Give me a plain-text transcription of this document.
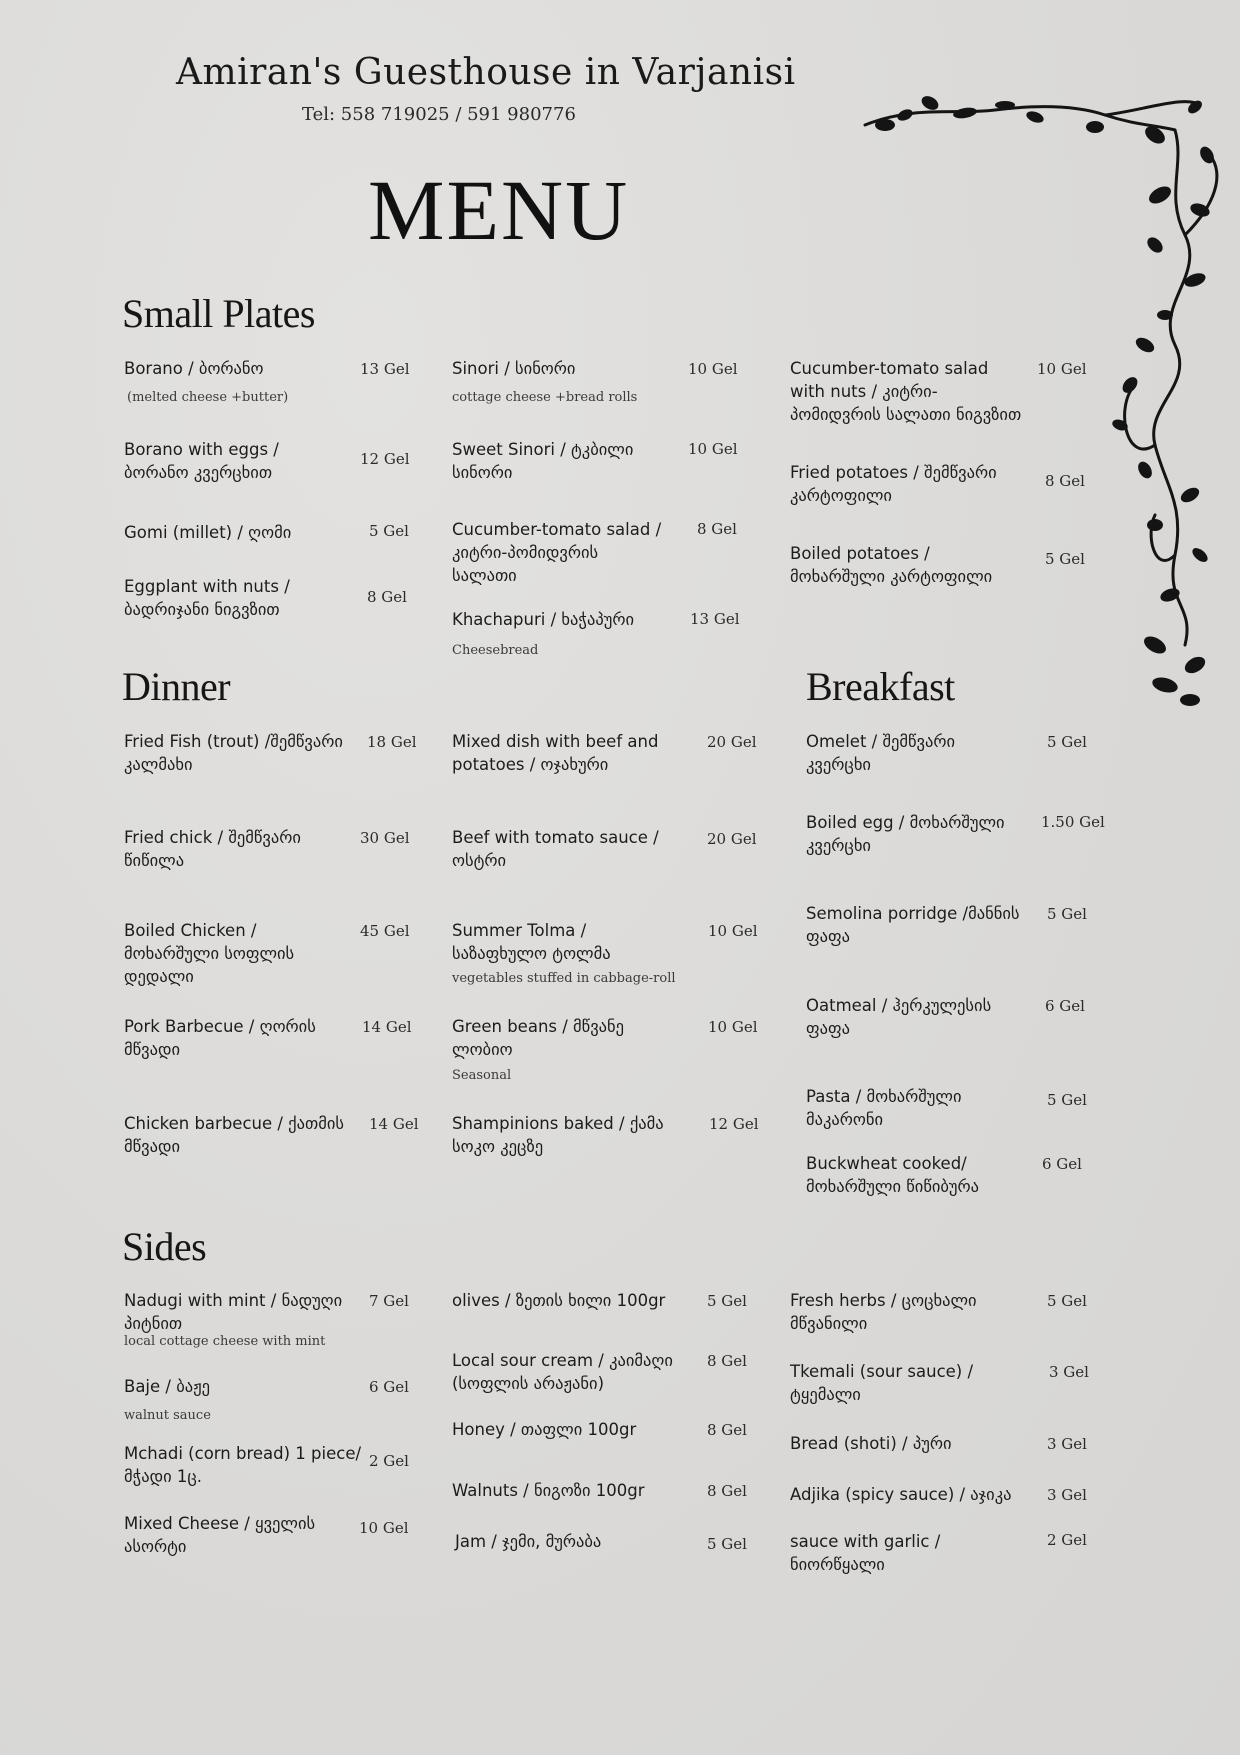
Amiran's Guesthouse in Varjanisi
Tel: 558 719025 / 591 980776
MENU
Small Plates
Dinner	Breakfast
Sides
Borano / ბორანო	13 Gel
(melted cheese +butter)
Borano with eggs / ბორანო კვერცხით
12 Gel
Gomi (millet) / ღომი	5 Gel
Eggplant with nuts / ბადრიჯანი ნიგვზით
8 Gel
Sinori / სინორი	10 Gel
cottage cheese +bread rolls
Sweet Sinori / ტკბილი სინორი
10 Gel
Cucumber-tomato salad / კიტრი-პომიდვრის სალათი
8 Gel
Khachapuri / ხაჭაპური	13 Gel
Cheesebread
Cucumber-tomato salad with nuts / კიტრი-პომიდვრის სალათი ნიგვზით
10 Gel
Fried potatoes / შემწვარი კარტოფილი
8 Gel
Boiled potatoes / მოხარშული კარტოფილი
5 Gel
Fried Fish (trout) /შემწვარი კალმახი
18 Gel
Fried chick / შემწვარი წიწილა
30 Gel
Boiled Chicken / მოხარშული სოფლის დედალი
45 Gel
Pork Barbecue / ღორის მწვადი
14 Gel
Chicken barbecue / ქათმის მწვადი
14 Gel
Mixed dish with beef and potatoes / ოჯახური
20 Gel
Beef with tomato sauce / ოსტრი
20 Gel
Summer Tolma / საზაფხულო ტოლმა
10 Gel
vegetables stuffed in cabbage-roll
Green beans / მწვანე ლობიო
10 Gel
Seasonal
Shampinions baked / ქამა სოკო კეცზე
12 Gel
Omelet / შემწვარი კვერცხი
5 Gel
Boiled egg / მოხარშული კვერცხი
1.50 Gel
Semolina porridge /მანნის ფაფა
5 Gel
Oatmeal / ჰერკულესის ფაფა
6 Gel
Pasta / მოხარშული მაკარონი
5 Gel
Buckwheat cooked/ მოხარშული წიწიბურა
6 Gel
Nadugi with mint / ნადუღი პიტნით
7 Gel
local cottage cheese with mint
Baje / ბაჟე	6 Gel
walnut sauce
Mchadi (corn bread) 1 piece/ მჭადი 1ც.
2 Gel
Mixed Cheese / ყველის ასორტი
10 Gel
olives / ზეთის ხილი 100gr	5 Gel
Local sour cream / კაიმაღი (სოფლის არაჟანი)
8 Gel
Honey / თაფლი 100gr	8 Gel
Walnuts / ნიგოზი 100gr	8 Gel
Jam / ჯემი, მურაბა	5 Gel
Fresh herbs / ცოცხალი მწვანილი
5 Gel
Tkemali (sour sauce) / ტყემალი
3 Gel
Bread (shoti) / პური	3 Gel
Adjika (spicy sauce) / აჯიკა	3 Gel
sauce with garlic / ნიორწყალი
2 Gel
